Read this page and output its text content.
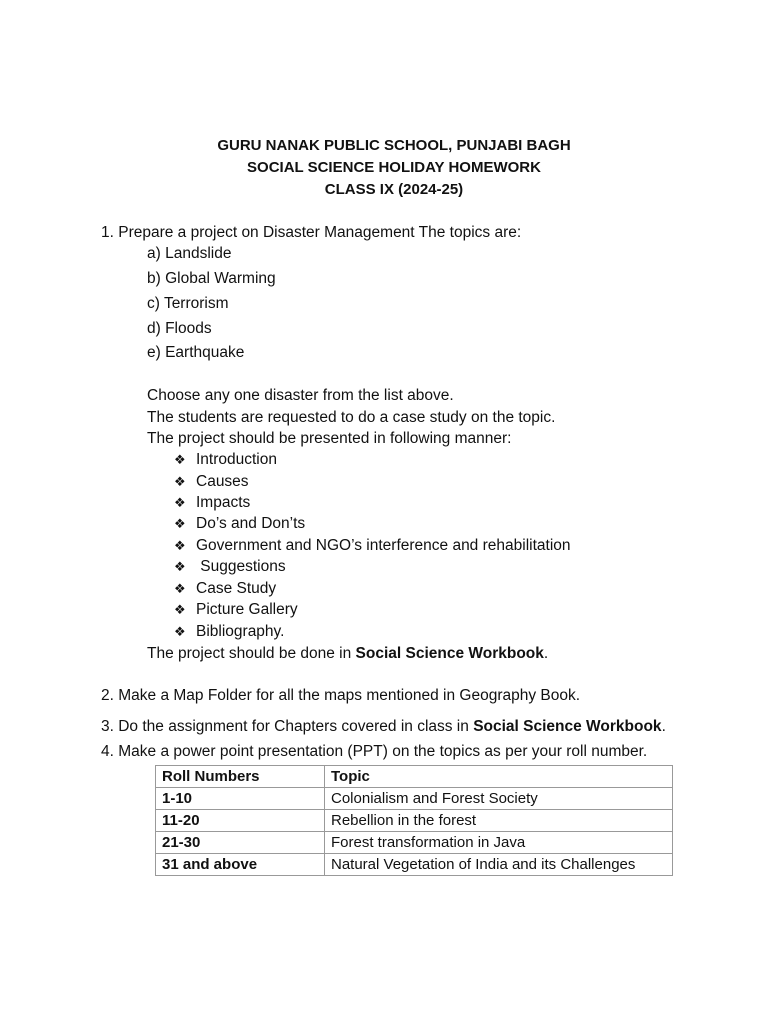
GURU NANAK PUBLIC SCHOOL, PUNJABI BAGH
SOCIAL SCIENCE HOLIDAY HOMEWORK
CLASS IX (2024-25)
1. Prepare a project on Disaster Management The topics are:
a) Landslide
b) Global Warming
c) Terrorism
d) Floods
e) Earthquake
Choose any one disaster from the list above.
The students are requested to do a case study on the topic.
The project should be presented in following manner:
❖ Introduction
❖ Causes
❖ Impacts
❖ Do’s and Don’ts
❖ Government and NGO’s interference and rehabilitation
❖ Suggestions
❖ Case Study
❖ Picture Gallery
❖ Bibliography.
The project should be done in Social Science Workbook.
2. Make a Map Folder for all the maps mentioned in Geography Book.
3. Do the assignment for Chapters covered in class in Social Science Workbook.
4. Make a power point presentation (PPT) on the topics as per your roll number.
Roll Numbers	Topic
1-10	Colonialism and Forest Society
11-20	Rebellion in the forest
21-30	Forest transformation in Java
31 and above	Natural Vegetation of India and its Challenges
